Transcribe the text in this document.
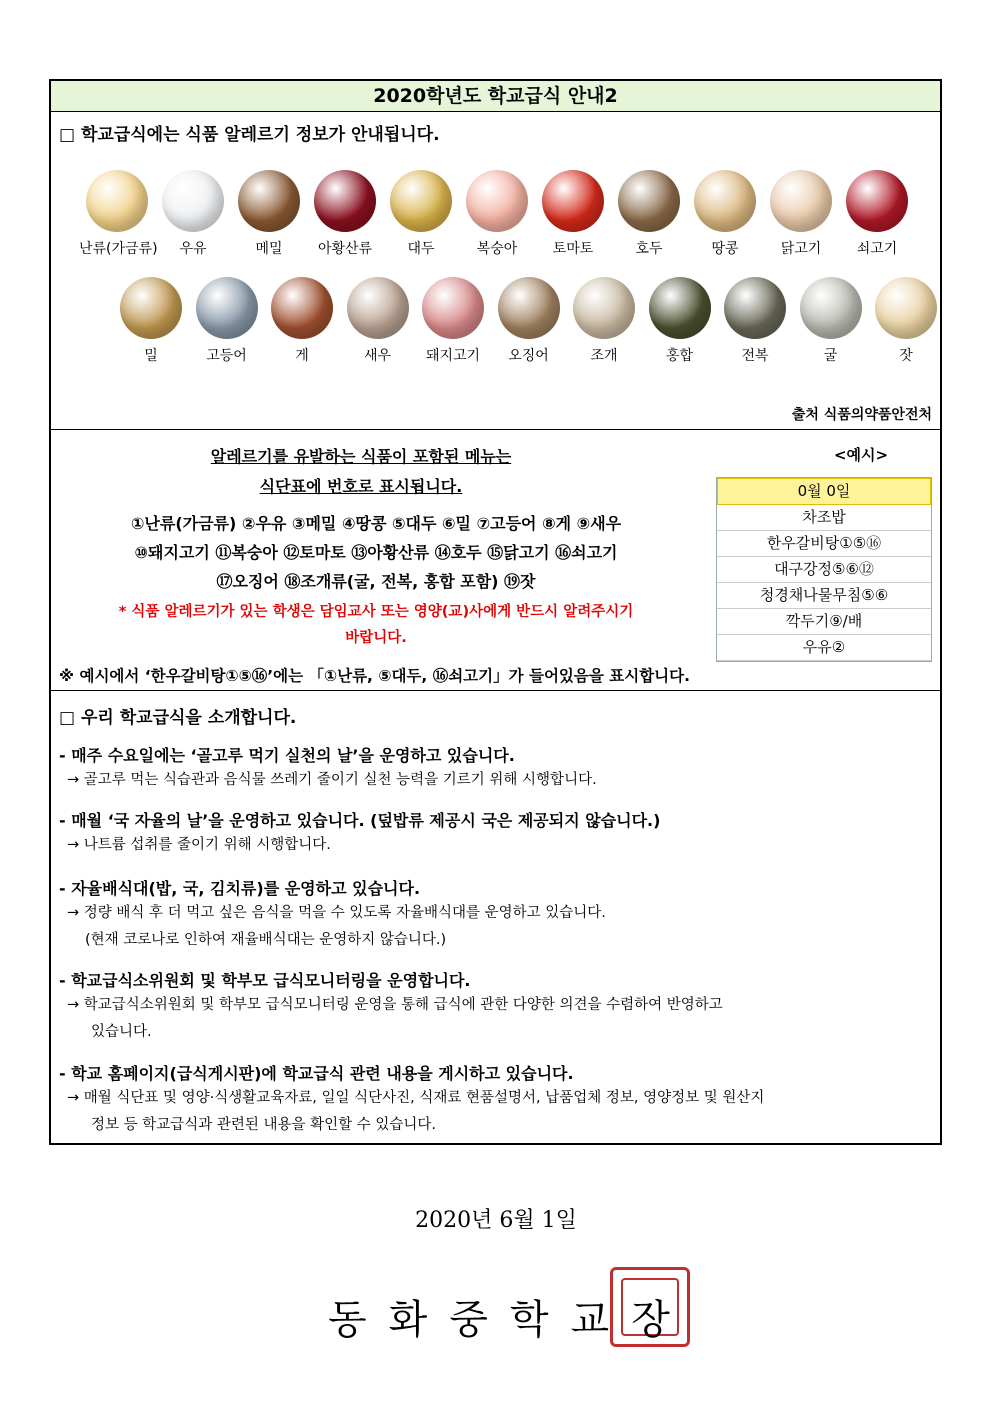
2020학년도 학교급식 안내2
□ 학교급식에는 식품 알레르기 정보가 안내됩니다.
난류(가금류)	우유	메밀	아황산류	대두	복숭아	토마토	호두	땅콩	닭고기	쇠고기
밀	고등어	게	새우	돼지고기	오징어	조개	홍합	전복	굴	잣
출처 식품의약품안전처
알레르기를 유발하는 식품이 포함된 메뉴는
식단표에 번호로 표시됩니다.
①난류(가금류) ②우유 ③메밀 ④땅콩 ⑤대두 ⑥밀 ⑦고등어 ⑧게 ⑨새우
⑩돼지고기 ⑪복숭아 ⑫토마토 ⑬아황산류 ⑭호두 ⑮닭고기 ⑯쇠고기
⑰오징어 ⑱조개류(굴, 전복, 홍합 포함) ⑲잣
* 식품 알레르기가 있는 학생은 담임교사 또는 영양(교)사에게 반드시 알려주시기
바랍니다.
<예시>
0월 0일
차조밥
한우갈비탕①⑤⑯
대구강정⑤⑥⑫
청경채나물무침⑤⑥
깍두기⑨/배
우유②
※ 예시에서 ‘한우갈비탕①⑤⑯’에는 「①난류, ⑤대두, ⑯쇠고기」가 들어있음을 표시합니다.
□ 우리 학교급식을 소개합니다.
- 매주 수요일에는 ‘골고루 먹기 실천의 날’을 운영하고 있습니다.
→ 골고루 먹는 식습관과 음식물 쓰레기 줄이기 실천 능력을 기르기 위해 시행합니다.
- 매월 ‘국 자율의 날’을 운영하고 있습니다. (덮밥류 제공시 국은 제공되지 않습니다.)
→ 나트륨 섭취를 줄이기 위해 시행합니다.
- 자율배식대(밥, 국, 김치류)를 운영하고 있습니다.
→ 정량 배식 후 더 먹고 싶은 음식을 먹을 수 있도록 자율배식대를 운영하고 있습니다.
(현재 코로나로 인하여 재율배식대는 운영하지 않습니다.)
- 학교급식소위원회 및 학부모 급식모니터링을 운영합니다.
→ 학교급식소위원회 및 학부모 급식모니터링 운영을 통해 급식에 관한 다양한 의견을 수렴하여 반영하고
있습니다.
- 학교 홈페이지(급식게시판)에 학교급식 관련 내용을 게시하고 있습니다.
→ 매월 식단표 및 영양·식생활교육자료, 일일 식단사진, 식재료 현품설명서, 납품업체 정보, 영양정보 및 원산지
정보 등 학교급식과 관련된 내용을 확인할 수 있습니다.
2020년 6월 1일
동화중학교장
